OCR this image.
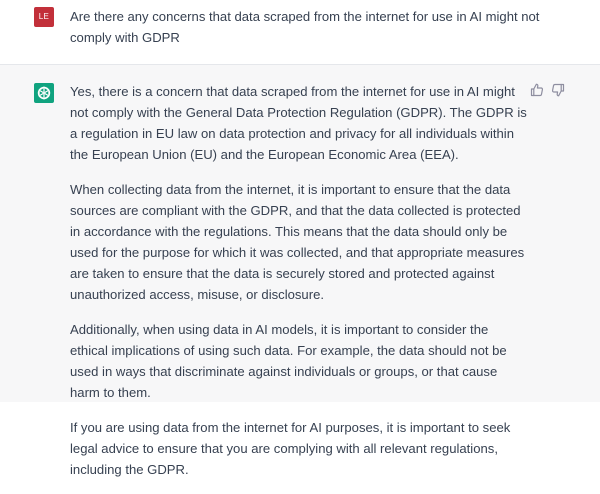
LE	Are there any concerns that data scraped from the internet for use in AI might not comply with GDPR

Yes, there is a concern that data scraped from the internet for use in AI might not comply with the General Data Protection Regulation (GDPR). The GDPR is a regulation in EU law on data protection and privacy for all individuals within the European Union (EU) and the European Economic Area (EEA).

When collecting data from the internet, it is important to ensure that the data sources are compliant with the GDPR, and that the data collected is protected in accordance with the regulations. This means that the data should only be used for the purpose for which it was collected, and that appropriate measures are taken to ensure that the data is securely stored and protected against unauthorized access, misuse, or disclosure.

Additionally, when using data in AI models, it is important to consider the ethical implications of using such data. For example, the data should not be used in ways that discriminate against individuals or groups, or that cause harm to them.

If you are using data from the internet for AI purposes, it is important to seek legal advice to ensure that you are complying with all relevant regulations, including the GDPR.
